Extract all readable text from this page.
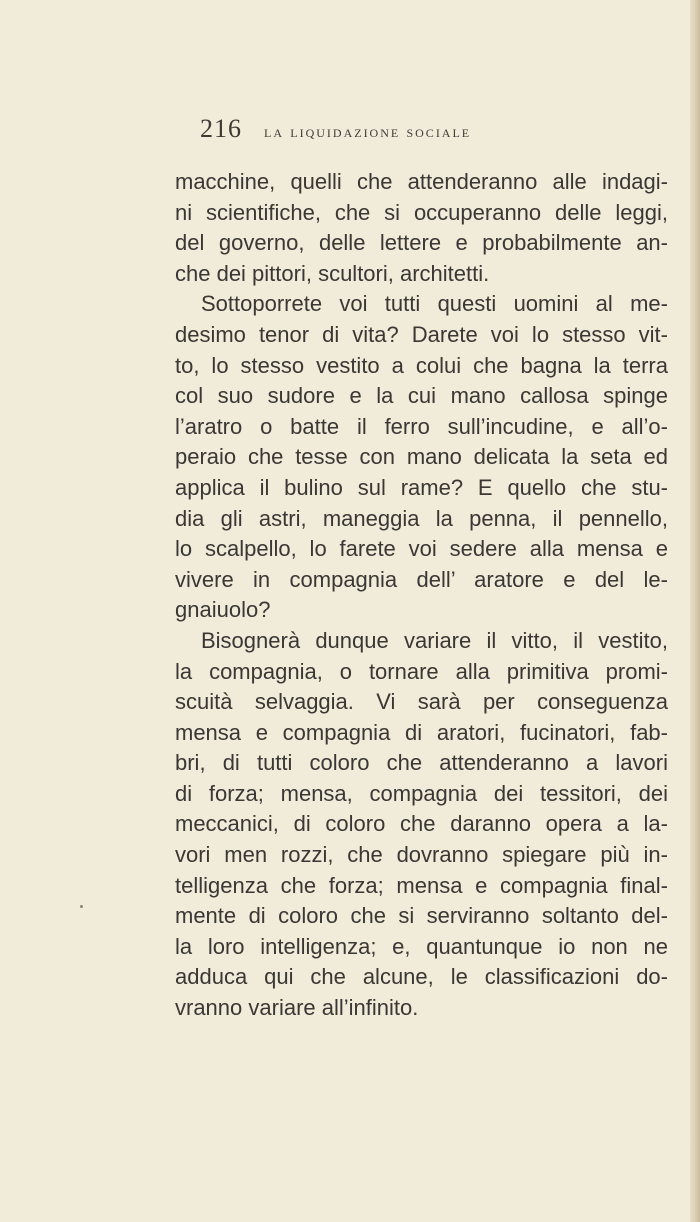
216 la liquidazione sociale
macchine, quelli che attenderanno alle indagi-
ni scientifiche, che si occuperanno delle leggi,
del governo, delle lettere e probabilmente an-
che dei pittori, scultori, architetti.
Sottoporrete voi tutti questi uomini al me-
desimo tenor di vita? Darete voi lo stesso vit-
to, lo stesso vestito a colui che bagna la terra
col suo sudore e la cui mano callosa spinge
l’aratro o batte il ferro sull’incudine, e all’o-
peraio che tesse con mano delicata la seta ed
applica il bulino sul rame? E quello che stu-
dia gli astri, maneggia la penna, il pennello,
lo scalpello, lo farete voi sedere alla mensa e
vivere in compagnia dell’ aratore e del le-
gnaiuolo?
Bisognerà dunque variare il vitto, il vestito,
la compagnia, o tornare alla primitiva promi-
scuità selvaggia. Vi sarà per conseguenza
mensa e compagnia di aratori, fucinatori, fab-
bri, di tutti coloro che attenderanno a lavori
di forza; mensa, compagnia dei tessitori, dei
meccanici, di coloro che daranno opera a la-
vori men rozzi, che dovranno spiegare più in-
telligenza che forza; mensa e compagnia final-
mente di coloro che si serviranno soltanto del-
la loro intelligenza; e, quantunque io non ne
adduca qui che alcune, le classificazioni do-
vranno variare all’infinito.
